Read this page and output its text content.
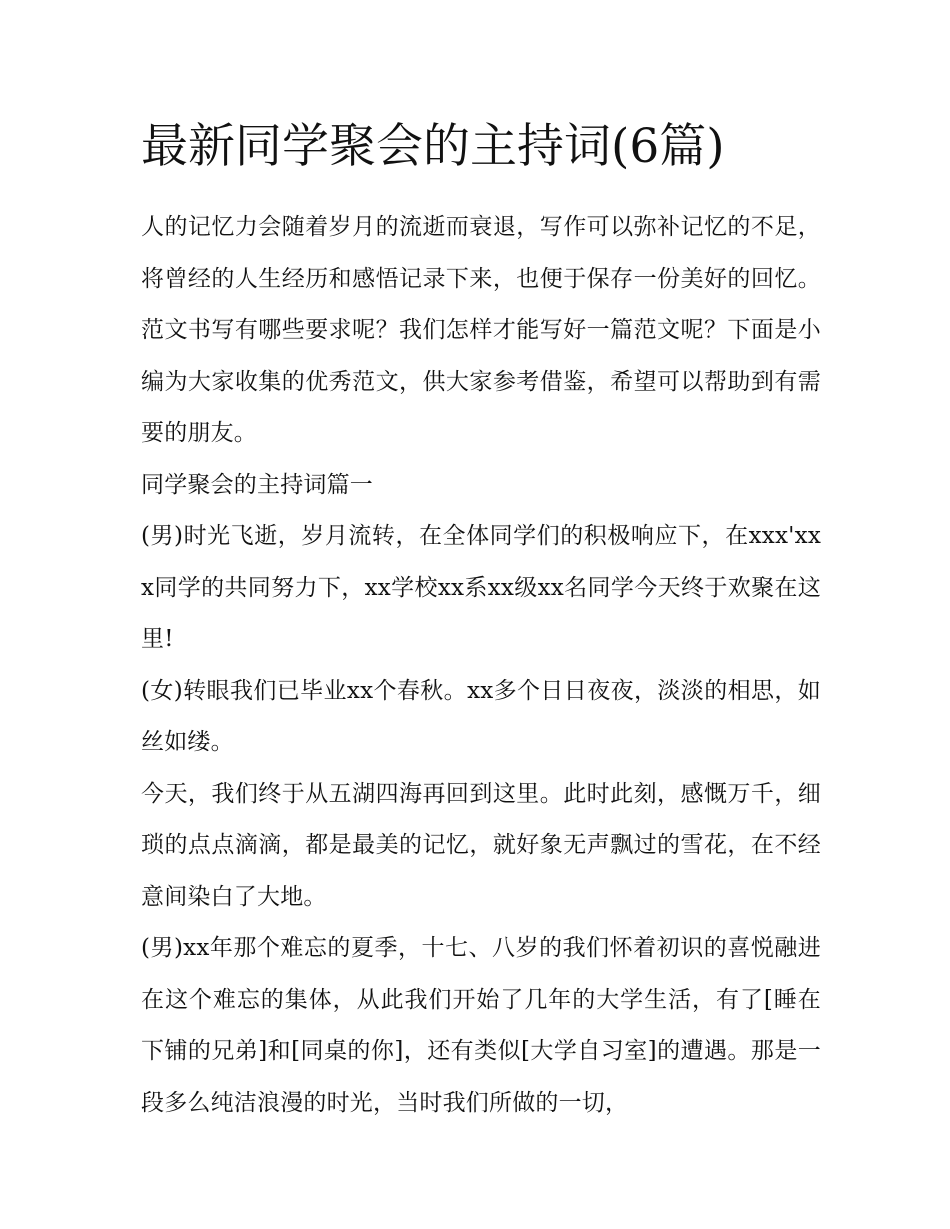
最新同学聚会的主持词(6篇)

人的记忆力会随着岁月的流逝而衰退，写作可以弥补记忆的不足，将曾经的人生经历和感悟记录下来，也便于保存一份美好的回忆。范文书写有哪些要求呢？我们怎样才能写好一篇范文呢？下面是小编为大家收集的优秀范文，供大家参考借鉴，希望可以帮助到有需要的朋友。

同学聚会的主持词篇一

(男)时光飞逝，岁月流转，在全体同学们的积极响应下，在xxx'xxx同学的共同努力下，xx学校xx系xx级xx名同学今天终于欢聚在这里!

(女)转眼我们已毕业xx个春秋。xx多个日日夜夜，淡淡的相思，如丝如缕。

今天，我们终于从五湖四海再回到这里。此时此刻，感慨万千，细琐的点点滴滴，都是最美的记忆，就好象无声飘过的雪花，在不经意间染白了大地。

(男)xx年那个难忘的夏季，十七、八岁的我们怀着初识的喜悦融进在这个难忘的集体，从此我们开始了几年的大学生活，有了[睡在下铺的兄弟]和[同桌的你]，还有类似[大学自习室]的遭遇。那是一段多么纯洁浪漫的时光，当时我们所做的一切，
